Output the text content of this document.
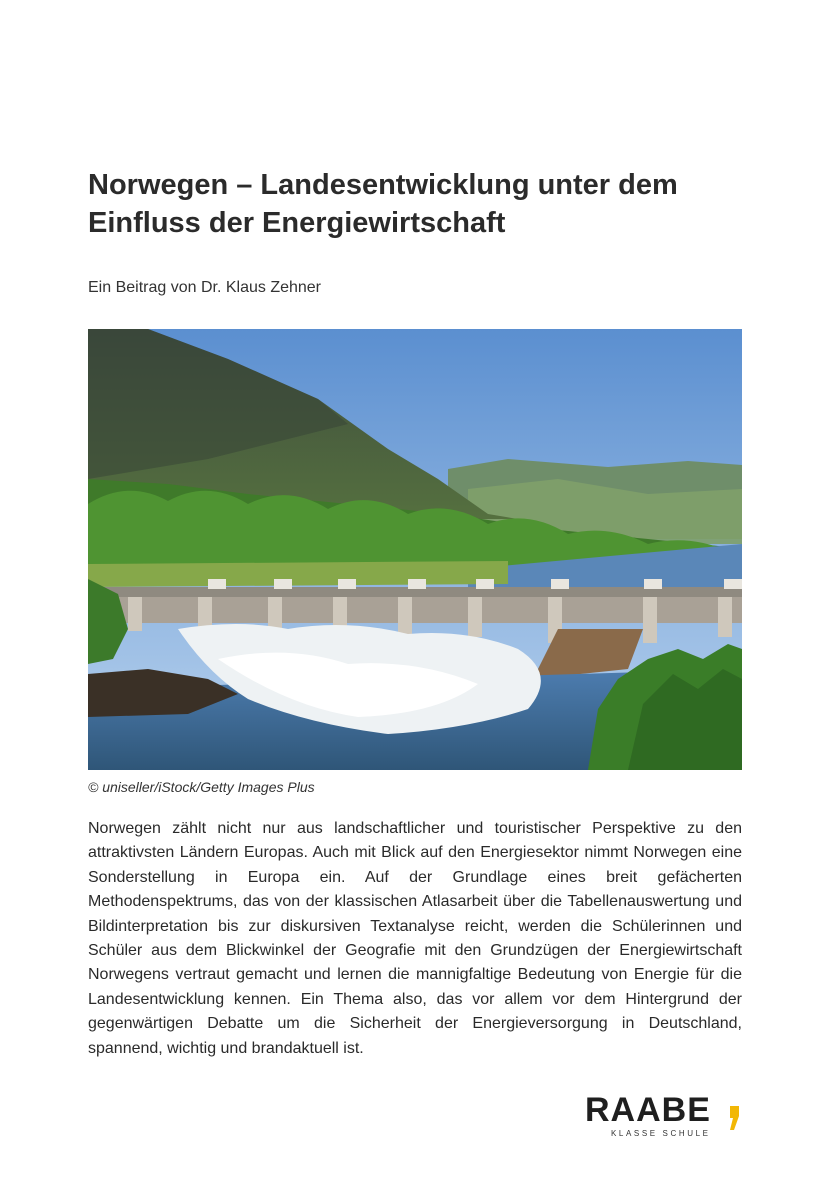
Norwegen – Landesentwicklung unter dem Einfluss der Energiewirtschaft
Ein Beitrag von Dr. Klaus Zehner
© uniseller/iStock/Getty Images Plus

Norwegen zählt nicht nur aus landschaftlicher und touristischer Perspektive zu den attraktivsten Ländern Europas. Auch mit Blick auf den Energiesektor nimmt Norwegen eine Sonderstellung in Europa ein. Auf der Grundlage eines breit gefächerten Methodenspektrums, das von der klassischen Atlasarbeit über die Tabellenauswertung und Bildinterpretation bis zur diskursiven Textanalyse reicht, werden die Schülerinnen und Schüler aus dem Blickwinkel der Geografie mit den Grundzügen der Energiewirtschaft Norwegens vertraut gemacht und lernen die mannigfaltige Bedeutung von Energie für die Landesentwicklung kennen. Ein Thema also, das vor allem vor dem Hintergrund der gegenwärtigen Debatte um die Sicherheit der Energieversorgung in Deutschland, spannend, wichtig und brandaktuell ist.

RAABE
KLASSE SCHULE
